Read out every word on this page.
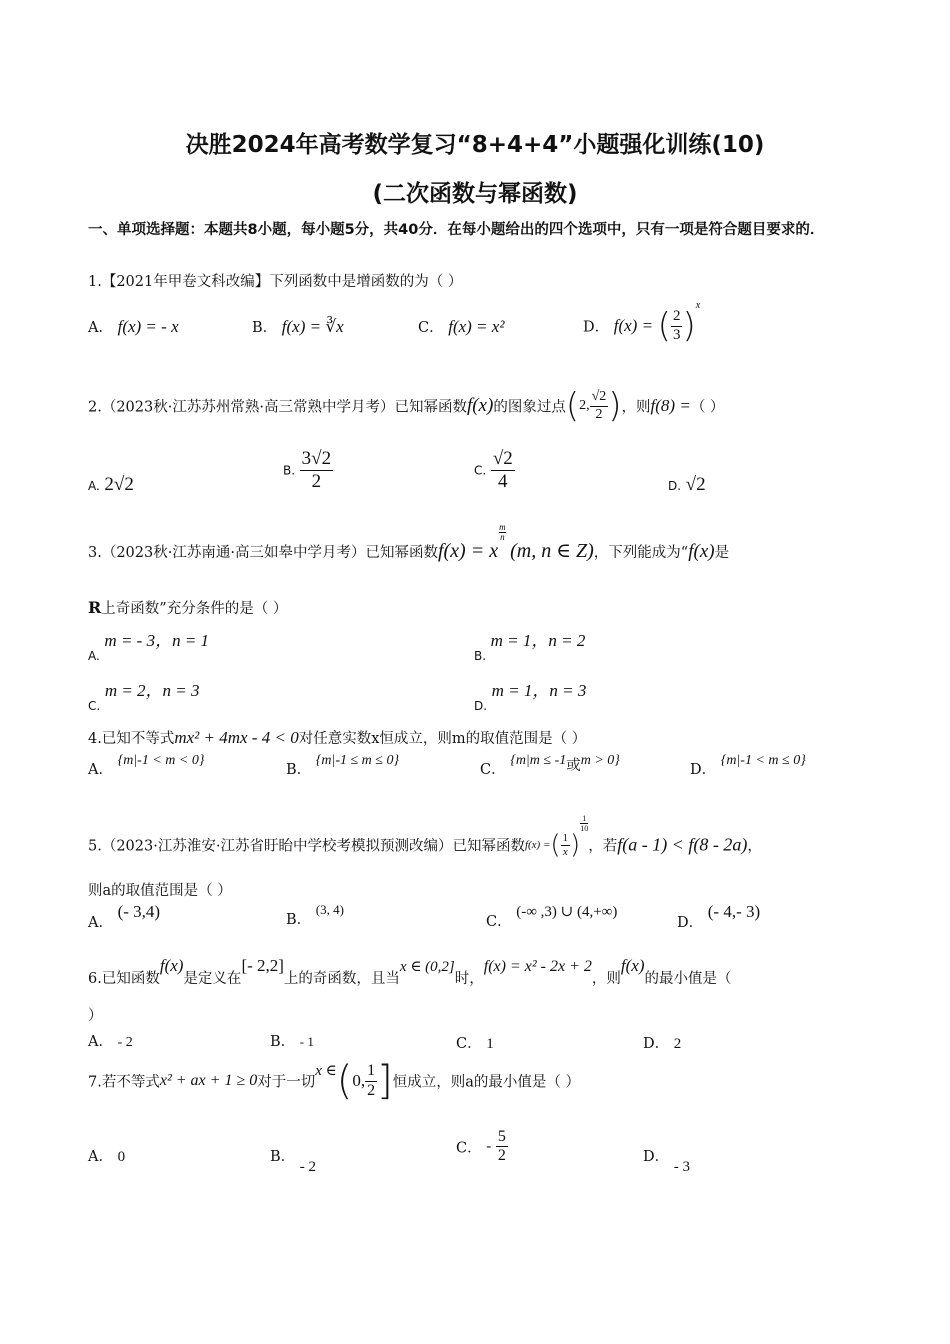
决胜2024年高考数学复习“8+4+4”小题强化训练(10)
(二次函数与幂函数)
一、单项选择题：本题共8小题，每小题5分，共40分．在每小题给出的四个选项中，只有一项是符合题目要求的．
1.【2021年甲卷文科改编】下列函数中是增函数的为（ ）
A． f(x) = - x	B． f(x) = ∛x	C． f(x) = x²	D． f(x) = ( $\frac{2}{3} )^x$
2.（2023秋·江苏苏州常熟·高三常熟中学月考）已知幂函数f(x)的图象过点(2, $\frac{√2}{2}$ )，则f(8) =（ ）
A. 2√2
B. $\frac{3√2}{2}$	C. $\frac{√2}{4}$	D. √2
3.（2023秋·江苏南通·高三如皋中学月考）已知幂函数f(x) = x
m
n
(m, n ∈ Z)，下列能成为“f(x)是
R上奇函数”充分条件的是（ ）
$_{A.}$ m = - 3，n = 1
$_{B.}$ m = 1，n = 2
$_{C.}$ m = 2，n = 3
$_{D.}$ m = 1，n = 3
4.已知不等式mx² + 4mx - 4 < 0对任意实数x恒成立，则m的取值范围是（ ）
A． {m|-1 < m < 0}
B． {m|-1 ≤ m ≤ 0}
C． {m|m ≤ -1或m > 0}
D． {m|-1 < m ≤ 0}
5.（2023·江苏淮安·江苏省盱眙中学校考模拟预测改编）已知幂函数f(x) =( $\frac{1}{x}$ )
$\frac{1}{10}$
，若f(a - 1) < f(8 - 2a)，
则a的取值范围是（ ）
A． (- 3,4)	B． (3, 4)
C． (-∞ ,3) ∪ (4,+∞)
D． (- 4,- 3)
6.已知函数f(x)是定义在[- 2,2]上的奇函数，且当x ∈ (0,2]时，f(x) = x² - 2x + 2，则f(x)的最小值是（
）
A． - 2	B． - 1	C． 1	D． 2
7.若不等式x² + ax + 1 ≥ 0对于一切x ∈(0, $\frac{1}{2}$ ]恒成立，则a的最小值是（ ）
A． 0	B． - 2
C． - $\frac{5}{2}$	D． - 3
